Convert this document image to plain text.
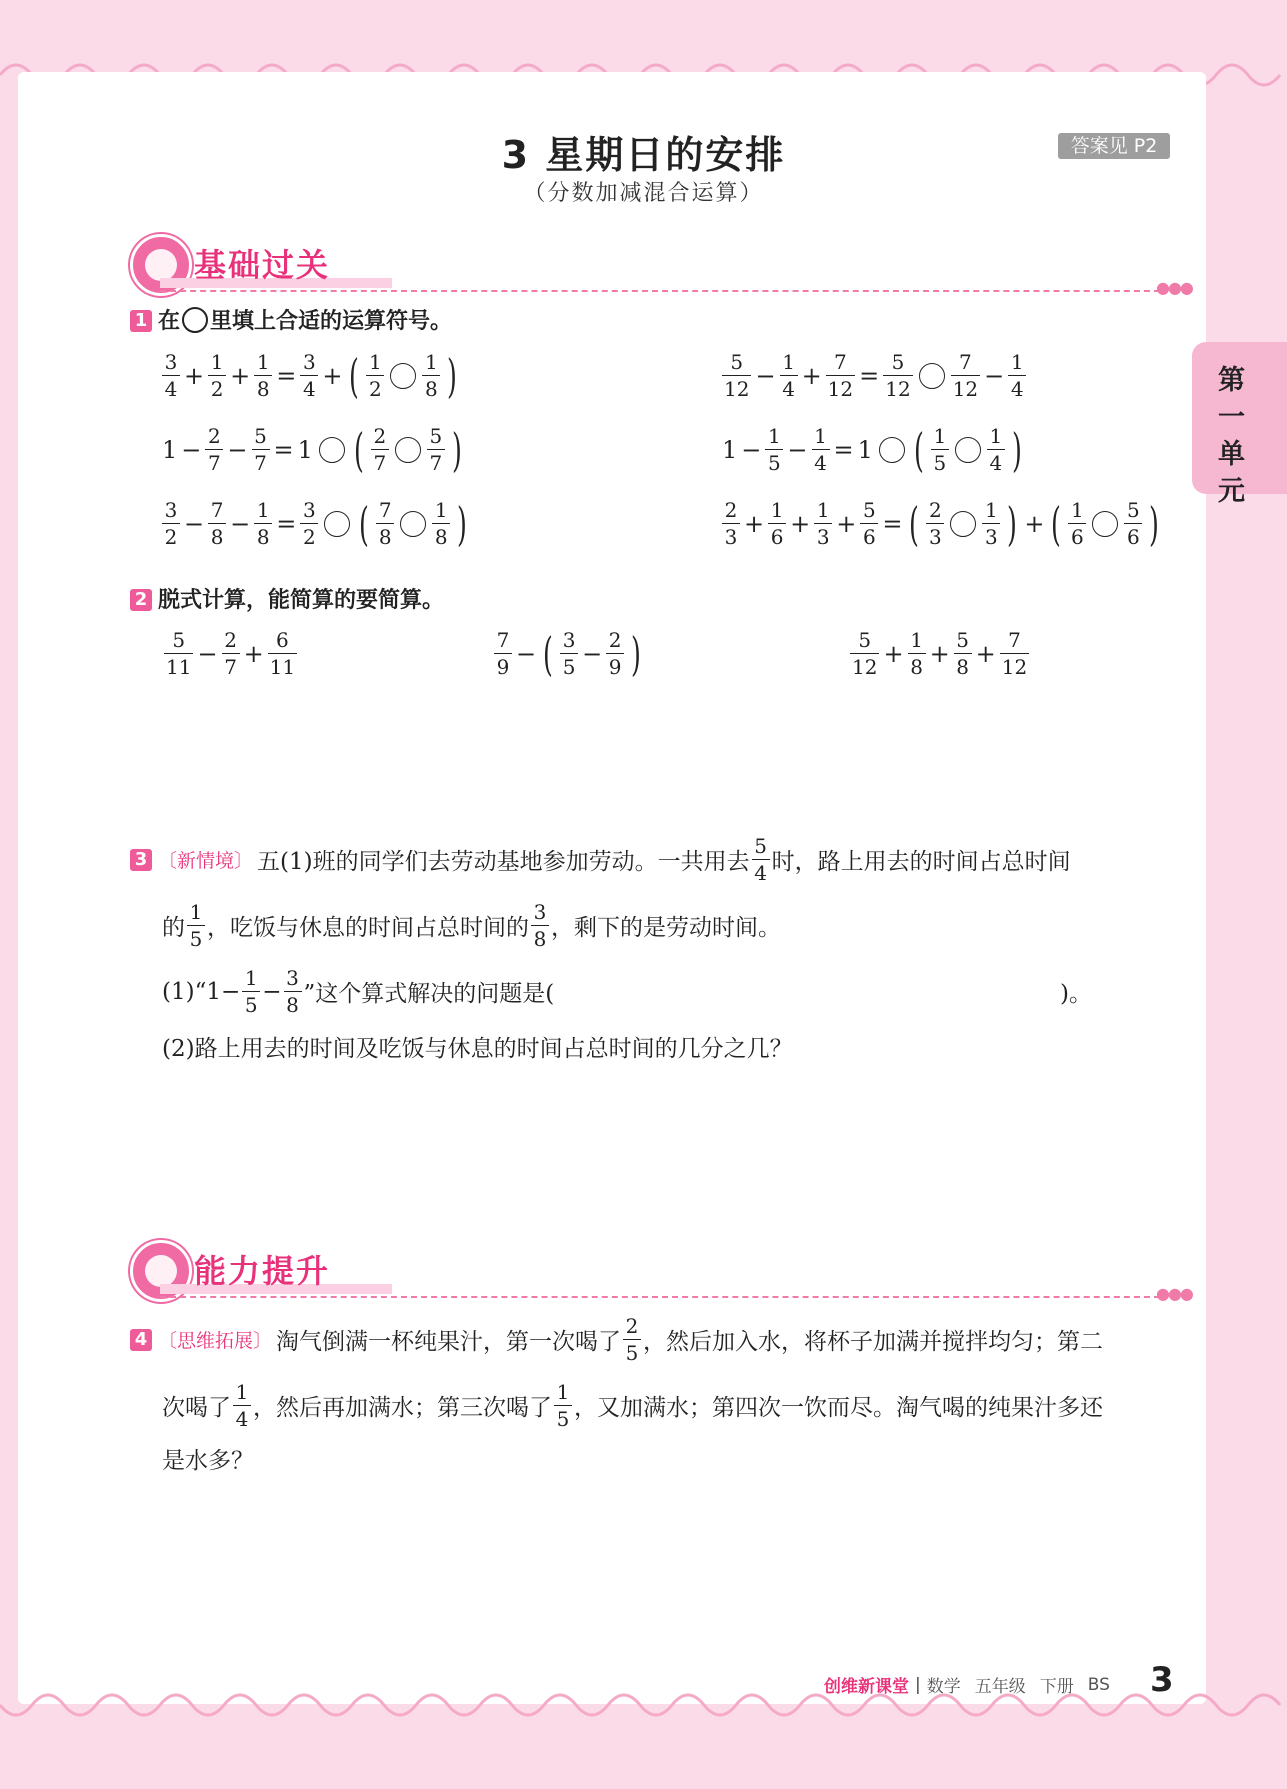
3 星期日的安排
（分数加减混合运算）
答案见 P2
第一单元
基础过关
●●●
1 在 里填上合适的运算符号。
$\frac{3}{4} + \frac{1}{2} + \frac{1}{8} = \frac{3}{4}$ + ( $\frac{1}{2} \frac{1}{8}$ )	$\frac{5}{12} - \frac{1}{4} + \frac{7}{12} = \frac{5}{12} \frac{7}{12} - \frac{1}{4}$
$1 - \frac{2}{7} - \frac{5}{7} = 1$ ( $\frac{2}{7} \frac{5}{7}$ )	$1 - \frac{1}{5} - \frac{1}{4} = 1$ ( $\frac{1}{5} \frac{1}{4}$ )
$\frac{3}{2} - \frac{7}{8} - \frac{1}{8} = \frac{3}{2}$ ( $\frac{7}{8} \frac{1}{8}$ )	$\frac{2}{3} + \frac{1}{6} + \frac{1}{3} + \frac{5}{6}$ = ( $\frac{2}{3} \frac{1}{3}$ ) + ( $\frac{1}{6} \frac{5}{6}$ )
2 脱式计算，能简算的要简算。
$\frac{5}{11} - \frac{2}{7} + \frac{6}{11}$	$\frac{7}{9}$ − ( $\frac{3}{5} - \frac{2}{9}$ )	$\frac{5}{12} + \frac{1}{8} + \frac{5}{8} + \frac{7}{12}$
3 〔新情境〕 五(1)班的同学们去劳动基地参加劳动。一共用去 $\frac{5}{4}$ 时，路上用去的时间占总时间
的 $\frac{1}{5}$ ，吃饭与休息的时间占总时间的 $\frac{3}{8}$ ，剩下的是劳动时间。
(1)“1− $\frac{1}{5} - \frac{3}{8}$ ”这个算式解决的问题是(	)。
(2)路上用去的时间及吃饭与休息的时间占总时间的几分之几？
能力提升
●●●
4 〔思维拓展〕 淘气倒满一杯纯果汁，第一次喝了 $\frac{2}{5}$ ，然后加入水，将杯子加满并搅拌均匀；第二
次喝了 $\frac{1}{4}$ ，然后再加满水；第三次喝了 $\frac{1}{5}$ ，又加满水；第四次一饮而尽。淘气喝的纯果汁多还
是水多？
创维新课堂 | 数学 五年级 下册 BS 3
